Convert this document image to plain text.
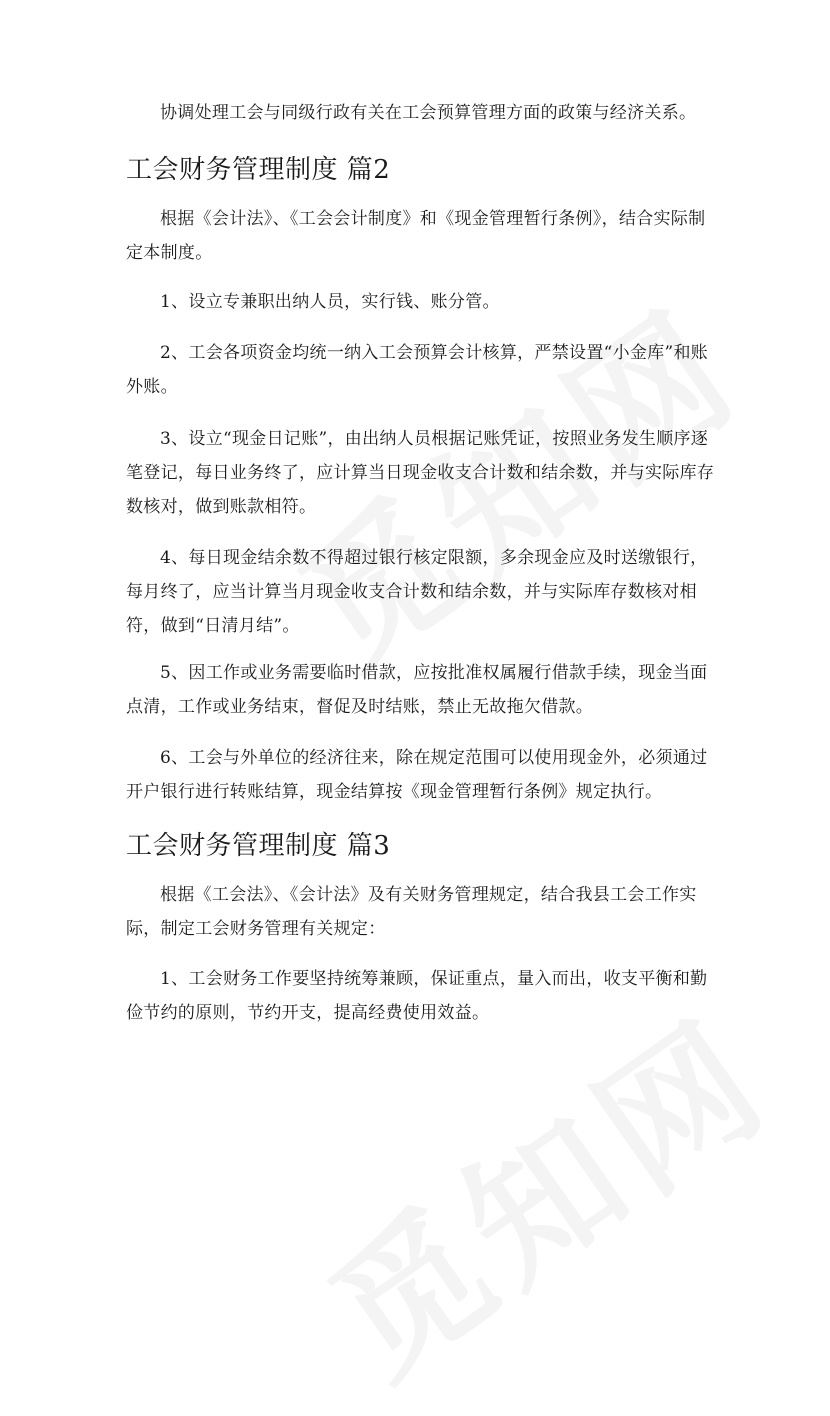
协调处理工会与同级行政有关在工会预算管理方面的政策与经济关系。

工会财务管理制度 篇2

根据《会计法》、《工会会计制度》和《现金管理暂行条例》，结合实际制定本制度。

1、设立专兼职出纳人员，实行钱、账分管。

2、工会各项资金均统一纳入工会预算会计核算，严禁设置“小金库”和账外账。

3、设立“现金日记账”，由出纳人员根据记账凭证，按照业务发生顺序逐笔登记，每日业务终了，应计算当日现金收支合计数和结余数，并与实际库存数核对，做到账款相符。

4、每日现金结余数不得超过银行核定限额，多余现金应及时送缴银行，每月终了，应当计算当月现金收支合计数和结余数，并与实际库存数核对相符，做到“日清月结”。

5、因工作或业务需要临时借款，应按批准权属履行借款手续，现金当面点清，工作或业务结束，督促及时结账，禁止无故拖欠借款。

6、工会与外单位的经济往来，除在规定范围可以使用现金外，必须通过开户银行进行转账结算，现金结算按《现金管理暂行条例》规定执行。

工会财务管理制度 篇3

根据《工会法》、《会计法》及有关财务管理规定，结合我县工会工作实际，制定工会财务管理有关规定：

1、工会财务工作要坚持统筹兼顾，保证重点，量入而出，收支平衡和勤俭节约的原则，节约开支，提高经费使用效益。
